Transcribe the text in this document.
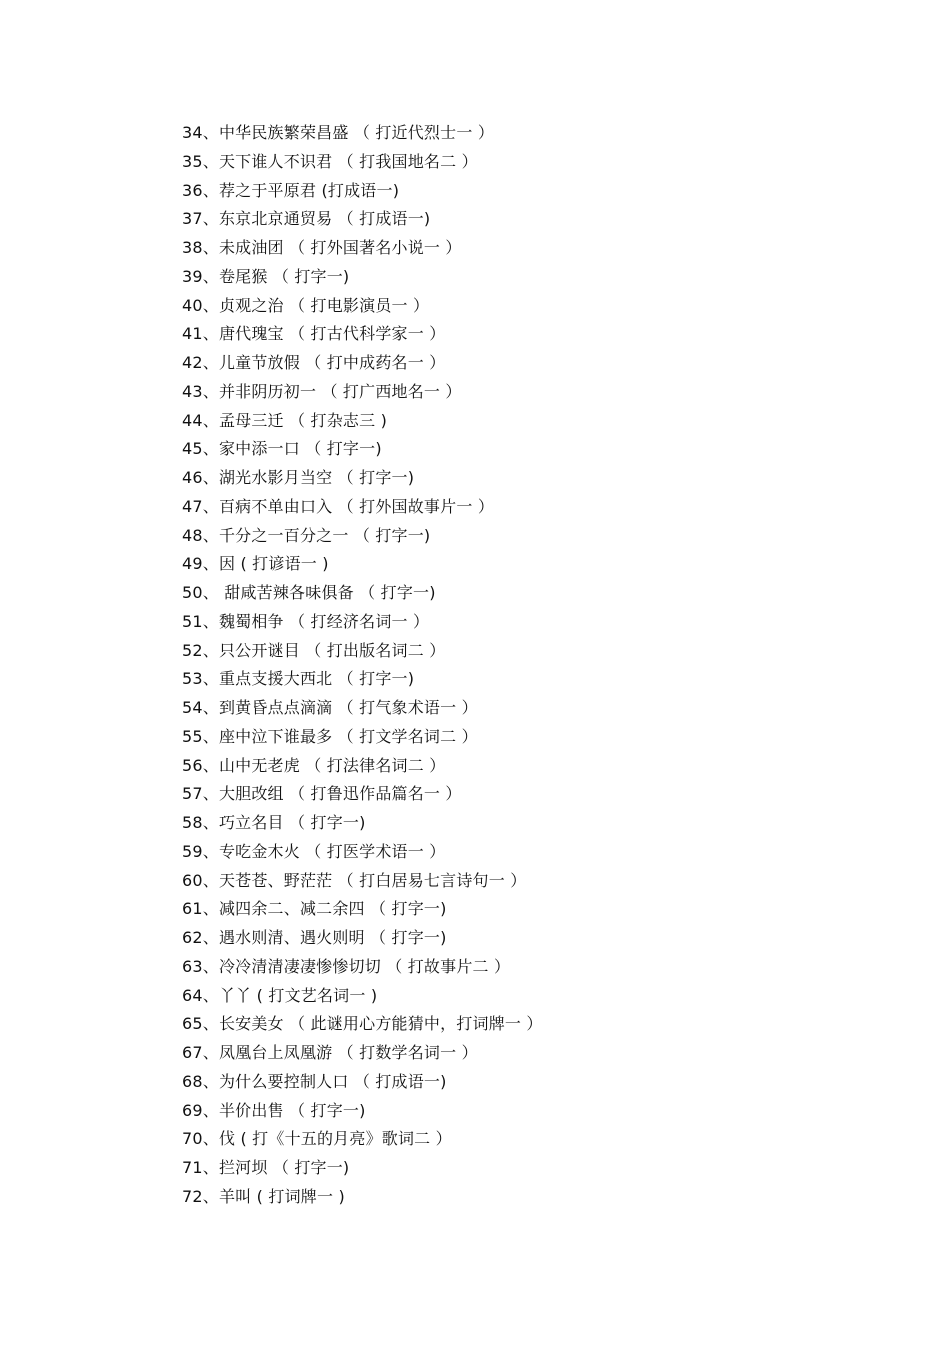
34、中华民族繁荣昌盛 （ 打近代烈士一 ）
35、天下谁人不识君 （ 打我国地名二 ）
36、荐之于平原君 (打成语一)
37、东京北京通贸易 （ 打成语一)
38、未成油团 （ 打外国著名小说一 ）
39、卷尾猴 （ 打字一)
40、贞观之治 （ 打电影演员一 ）
41、唐代瑰宝 （ 打古代科学家一 ）
42、儿童节放假 （ 打中成药名一 ）
43、并非阴历初一 （ 打广西地名一 ）
44、孟母三迁 （ 打杂志三 )
45、家中添一口 （ 打字一)
46、湖光水影月当空 （ 打字一)
47、百病不单由口入 （ 打外国故事片一 ）
48、千分之一百分之一 （ 打字一)
49、因 ( 打谚语一 )
50、 甜咸苦辣各味俱备 （ 打字一)
51、魏蜀相争 （ 打经济名词一 ）
52、只公开谜目 （ 打出版名词二 ）
53、重点支援大西北 （ 打字一)
54、到黄昏点点滴滴 （ 打气象术语一 ）
55、座中泣下谁最多 （ 打文学名词二 ）
56、山中无老虎 （ 打法律名词二 ）
57、大胆改组 （ 打鲁迅作品篇名一 ）
58、巧立名目 （ 打字一)
59、专吃金木火 （ 打医学术语一 ）
60、天苍苍、野茫茫 （ 打白居易七言诗句一 ）
61、减四余二、减二余四 （ 打字一)
62、遇水则清、遇火则明 （ 打字一)
63、冷冷清清凄凄惨惨切切 （ 打故事片二 ）
64、丫丫 ( 打文艺名词一 )
65、长安美女 （ 此谜用心方能猜中，打词牌一 ）
67、凤凰台上凤凰游 （ 打数学名词一 ）
68、为什么要控制人口 （ 打成语一)
69、半价出售 （ 打字一)
70、伐 ( 打《十五的月亮》歌词二 ）
71、拦河坝 （ 打字一)
72、羊叫 ( 打词牌一 )
